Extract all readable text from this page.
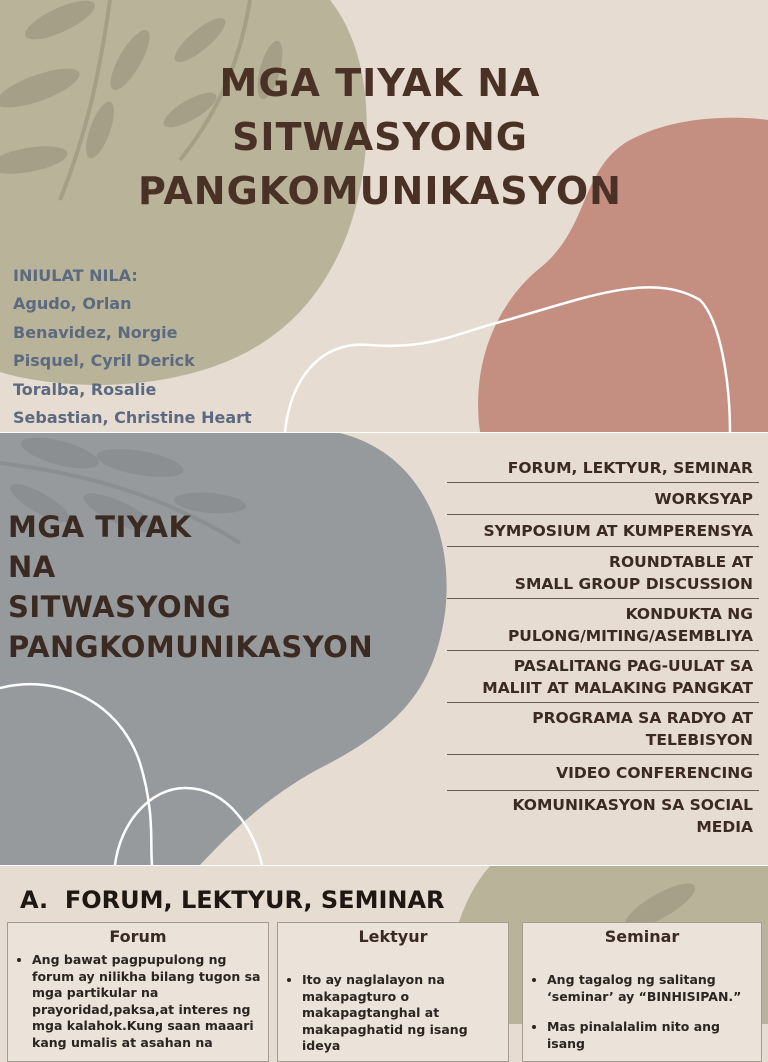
MGA TIYAK NA
SITWASYONG
PANGKOMUNIKASYON
INIULAT NILA:
Agudo, Orlan
Benavidez, Norgie
Pisquel, Cyril Derick
Toralba, Rosalie
Sebastian, Christine Heart
MGA TIYAK
NA
SITWASYONG
PANGKOMUNIKASYON
FORUM, LEKTYUR, SEMINAR
WORKSYAP
SYMPOSIUM AT KUMPERENSYA
ROUNDTABLE AT
SMALL GROUP DISCUSSION
KONDUKTA NG
PULONG/MITING/ASEMBLIYA
PASALITANG PAG-UULAT SA
MALIIT AT MALAKING PANGKAT
PROGRAMA SA RADYO AT
TELEBISYON
VIDEO CONFERENCING
KOMUNIKASYON SA SOCIAL
MEDIA
A.  FORUM, LEKTYUR, SEMINAR
Forum
• Ang bawat pagpupulong ng forum ay nilikha bilang tugon sa mga partikular na prayoridad,paksa,at interes ng mga kalahok.Kung saan maaari kang umalis at asahan na
Lektyur
• Ito ay naglalayon na makapagturo o makapagtanghal at makapaghatid ng isang ideya
Seminar
• Ang tagalog ng salitang ‘seminar’ ay “BINHISIPAN.”
• Mas pinalalalim nito ang isang
